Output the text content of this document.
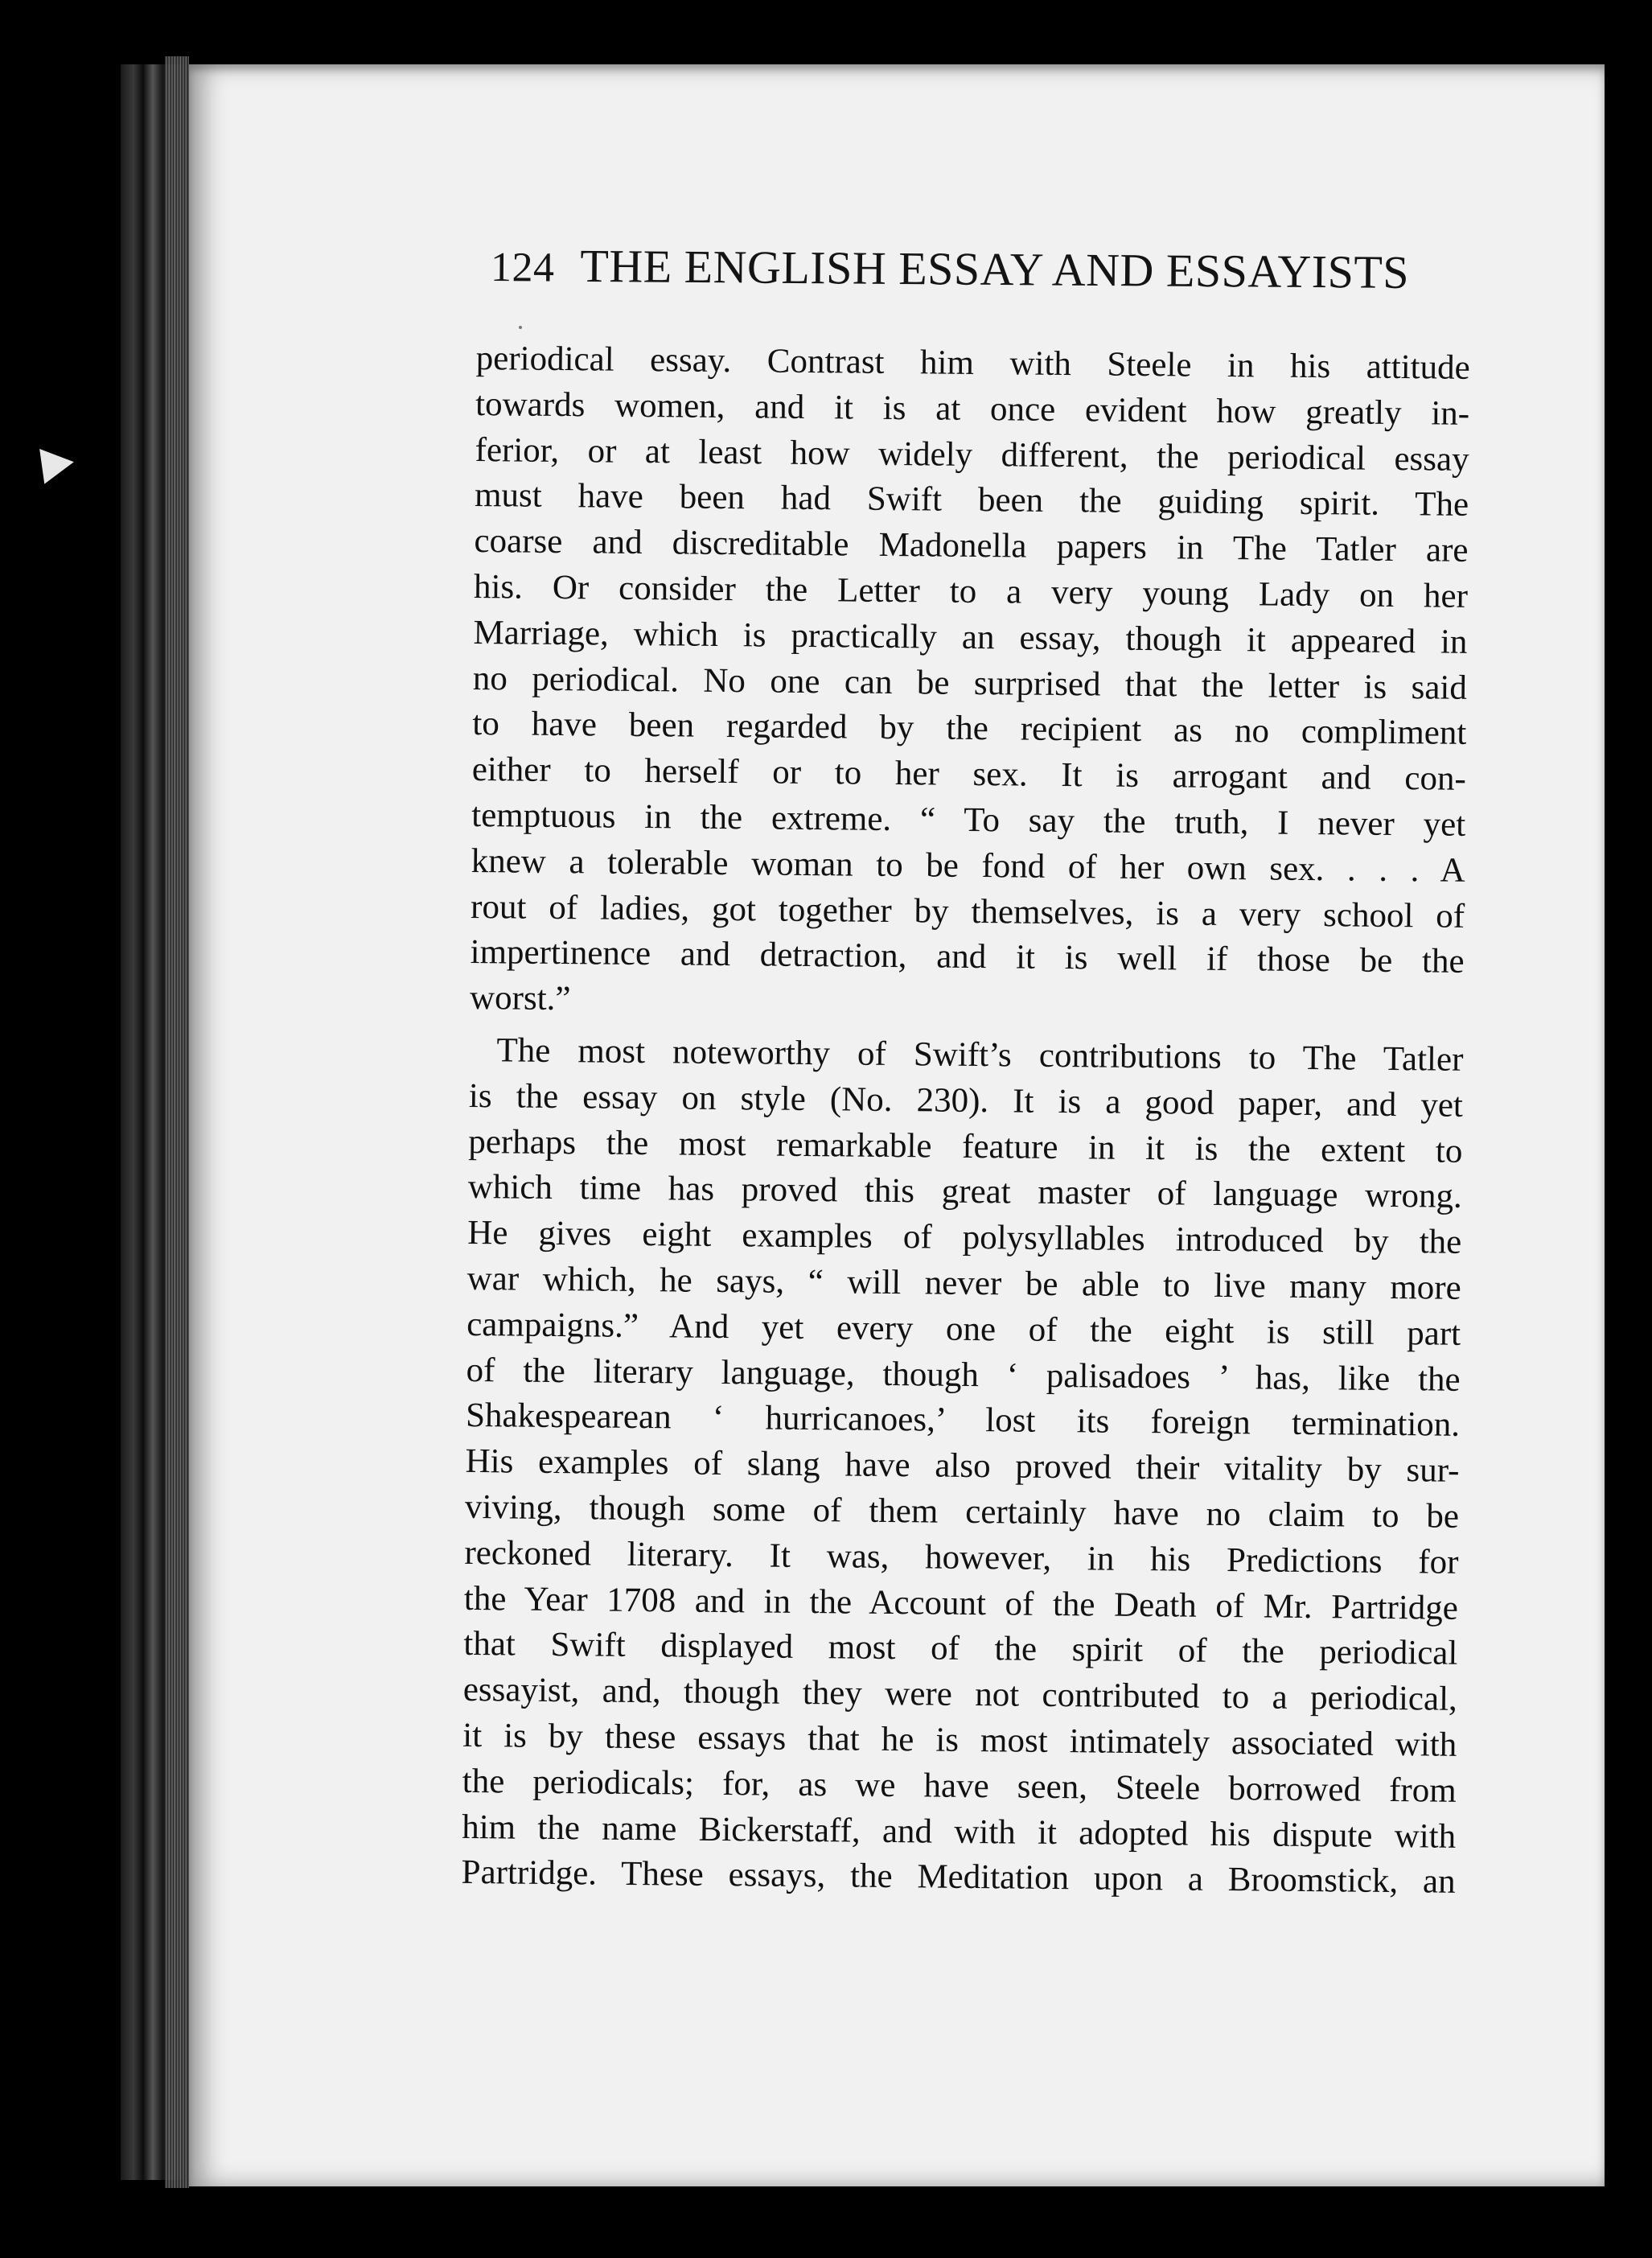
124 THE ENGLISH ESSAY AND ESSAYISTS
periodical essay. Contrast him with Steele in his attitude
towards women, and it is at once evident how greatly in-
ferior, or at least how widely different, the periodical essay
must have been had Swift been the guiding spirit. The
coarse and discreditable Madonella papers in The Tatler are
his. Or consider the Letter to a very young Lady on her
Marriage, which is practically an essay, though it appeared in
no periodical. No one can be surprised that the letter is said
to have been regarded by the recipient as no compliment
either to herself or to her sex. It is arrogant and con-
temptuous in the extreme. “ To say the truth, I never yet
knew a tolerable woman to be fond of her own sex. . . . A
rout of ladies, got together by themselves, is a very school of
impertinence and detraction, and it is well if those be the
worst.”
The most noteworthy of Swift’s contributions to The Tatler
is the essay on style (No. 230). It is a good paper, and yet
perhaps the most remarkable feature in it is the extent to
which time has proved this great master of language wrong.
He gives eight examples of polysyllables introduced by the
war which, he says, “ will never be able to live many more
campaigns.” And yet every one of the eight is still part
of the literary language, though ‘ palisadoes ’ has, like the
Shakespearean ‘ hurricanoes,’ lost its foreign termination.
His examples of slang have also proved their vitality by sur-
viving, though some of them certainly have no claim to be
reckoned literary. It was, however, in his Predictions for
the Year 1708 and in the Account of the Death of Mr. Partridge
that Swift displayed most of the spirit of the periodical
essayist, and, though they were not contributed to a periodical,
it is by these essays that he is most intimately associated with
the periodicals; for, as we have seen, Steele borrowed from
him the name Bickerstaff, and with it adopted his dispute with
Partridge. These essays, the Meditation upon a Broomstick, an
